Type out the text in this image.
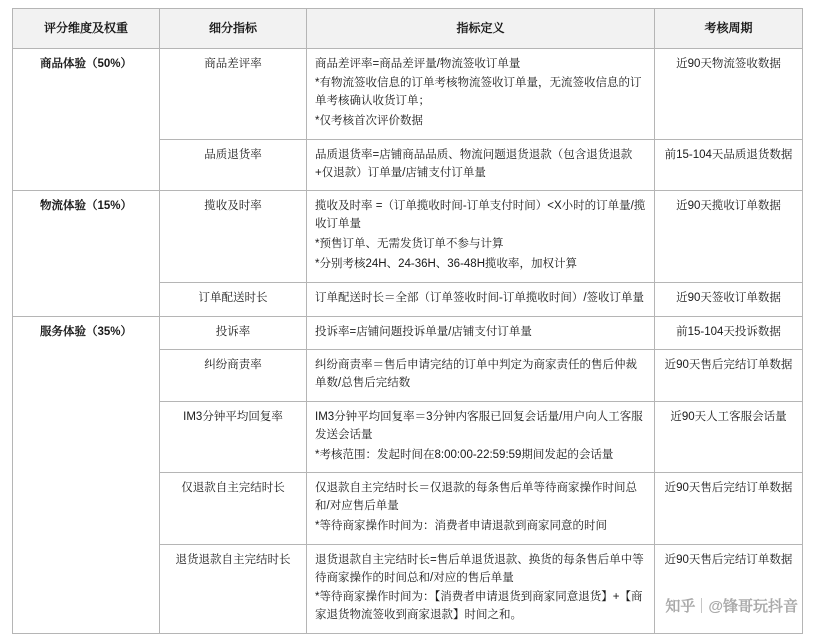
评分维度及权重	细分指标	指标定义	考核周期
商品体验（50%）	商品差评率	商品差评率=商品差评量/物流签收订单量
*有物流签收信息的订单考核物流签收订单量，无流签收信息的订单考核确认收货订单；
*仅考核首次评价数据	近90天物流签收数据
	品质退货率	品质退货率=店铺商品品质、物流问题退货退款（包含退货退款+仅退款）订单量/店铺支付订单量	前15-104天品质退货数据
物流体验（15%）	揽收及时率	揽收及时率 =（订单揽收时间-订单支付时间）<X小时的订单量/揽收订单量
*预售订单、无需发货订单不参与计算
*分别考核24H、24-36H、36-48H揽收率，加权计算	近90天揽收订单数据
	订单配送时长	订单配送时长＝全部（订单签收时间-订单揽收时间）/签收订单量	近90天签收订单数据
服务体验（35%）	投诉率	投诉率=店铺问题投诉单量/店铺支付订单量	前15-104天投诉数据
	纠纷商责率	纠纷商责率＝售后申请完结的订单中判定为商家责任的售后仲裁单数/总售后完结数	近90天售后完结订单数据
	IM3分钟平均回复率	IM3分钟平均回复率＝3分钟内客服已回复会话量/用户向人工客服发送会话量
*考核范围：发起时间在8:00:00-22:59:59期间发起的会话量	近90天人工客服会话量
	仅退款自主完结时长	仅退款自主完结时长＝仅退款的每条售后单等待商家操作时间总和/对应售后单量
*等待商家操作时间为：消费者申请退款到商家同意的时间	近90天售后完结订单数据
	退货退款自主完结时长	退货退款自主完结时长=售后单退货退款、换货的每条售后单中等待商家操作的时间总和/对应的售后单量
*等待商家操作时间为：【消费者申请退货到商家同意退货】+【商家退货物流签收到商家退款】时间之和。	近90天售后完结订单数据
知乎 @锋哥玩抖音
